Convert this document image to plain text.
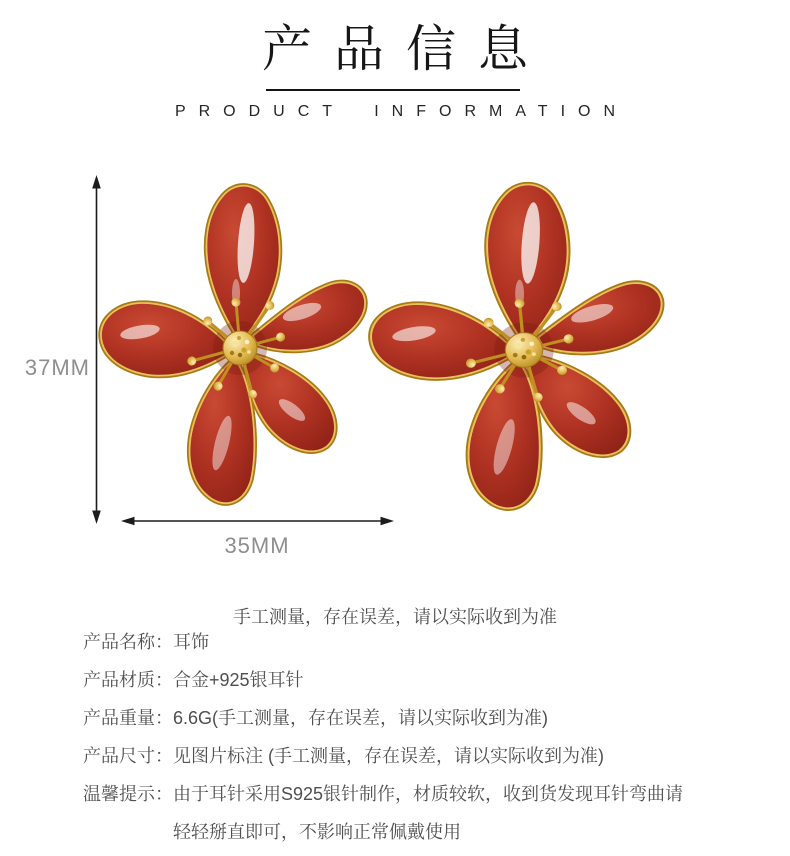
产品信息
PRODUCT INFORMATION
37MM
35MM
手工测量，存在误差，请以实际收到为准
产品名称： 耳饰
产品材质： 合金+925银耳针
产品重量： 6.6G(手工测量，存在误差，请以实际收到为准)
产品尺寸： 见图片标注 (手工测量，存在误差，请以实际收到为准)
温馨提示： 由于耳针采用S925银针制作，材质较软，收到货发现耳针弯曲请
轻轻掰直即可，不影响正常佩戴使用
